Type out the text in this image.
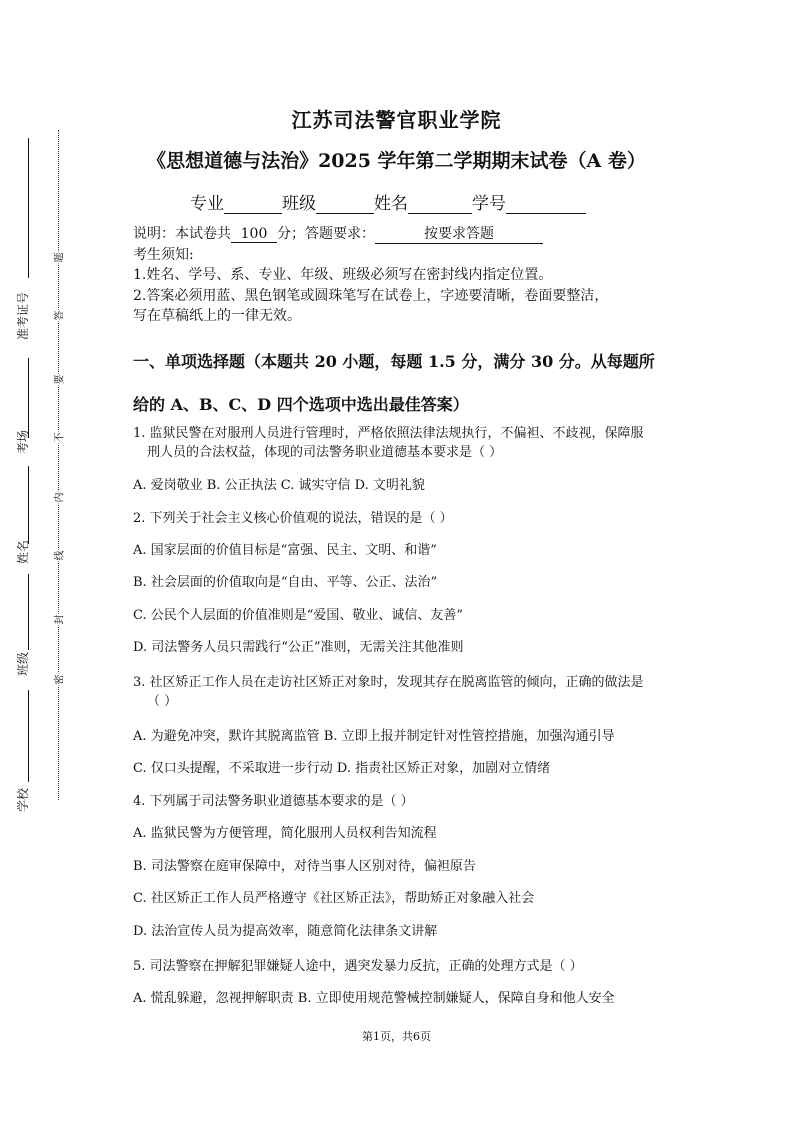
题
答
要
不
内
线
封
密
准考证号
考场
姓名
班级
学校
江苏司法警官职业学院
《思想道德与法治》2025 学年第二学期期末试卷（A 卷）
专业	班级	姓名	学号
说明：本试卷共 100 分；答题要求：	按要求答题
考生须知:
1.姓名、学号、系、专业、年级、班级必须写在密封线内指定位置。
2.答案必须用蓝、黑色钢笔或圆珠笔写在试卷上，字迹要清晰，卷面要整洁，
写在草稿纸上的一律无效。
一、单项选择题（本题共 20 小题，每题 1.5 分，满分 30 分。从每题所
给的 A、B、C、D 四个选项中选出最佳答案）
1. 监狱民警在对服刑人员进行管理时，严格依照法律法规执行，不偏袒、不歧视，保障服
刑人员的合法权益，体现的司法警务职业道德基本要求是（ ）
A. 爱岗敬业 B. 公正执法 C. 诚实守信 D. 文明礼貌
2. 下列关于社会主义核心价值观的说法，错误的是（ ）
A. 国家层面的价值目标是“富强、民主、文明、和谐”
B. 社会层面的价值取向是“自由、平等、公正、法治”
C. 公民个人层面的价值准则是“爱国、敬业、诚信、友善”
D. 司法警务人员只需践行“公正”准则，无需关注其他准则
3. 社区矫正工作人员在走访社区矫正对象时，发现其存在脱离监管的倾向，正确的做法是
（ ）
A. 为避免冲突，默许其脱离监管 B. 立即上报并制定针对性管控措施，加强沟通引导
C. 仅口头提醒，不采取进一步行动 D. 指责社区矫正对象，加剧对立情绪
4. 下列属于司法警务职业道德基本要求的是（ ）
A. 监狱民警为方便管理，简化服刑人员权利告知流程
B. 司法警察在庭审保障中，对待当事人区别对待，偏袒原告
C. 社区矫正工作人员严格遵守《社区矫正法》，帮助矫正对象融入社会
D. 法治宣传人员为提高效率，随意简化法律条文讲解
5. 司法警察在押解犯罪嫌疑人途中，遇突发暴力反抗，正确的处理方式是（ ）
A. 慌乱躲避，忽视押解职责 B. 立即使用规范警械控制嫌疑人，保障自身和他人安全
第1页，共6页
